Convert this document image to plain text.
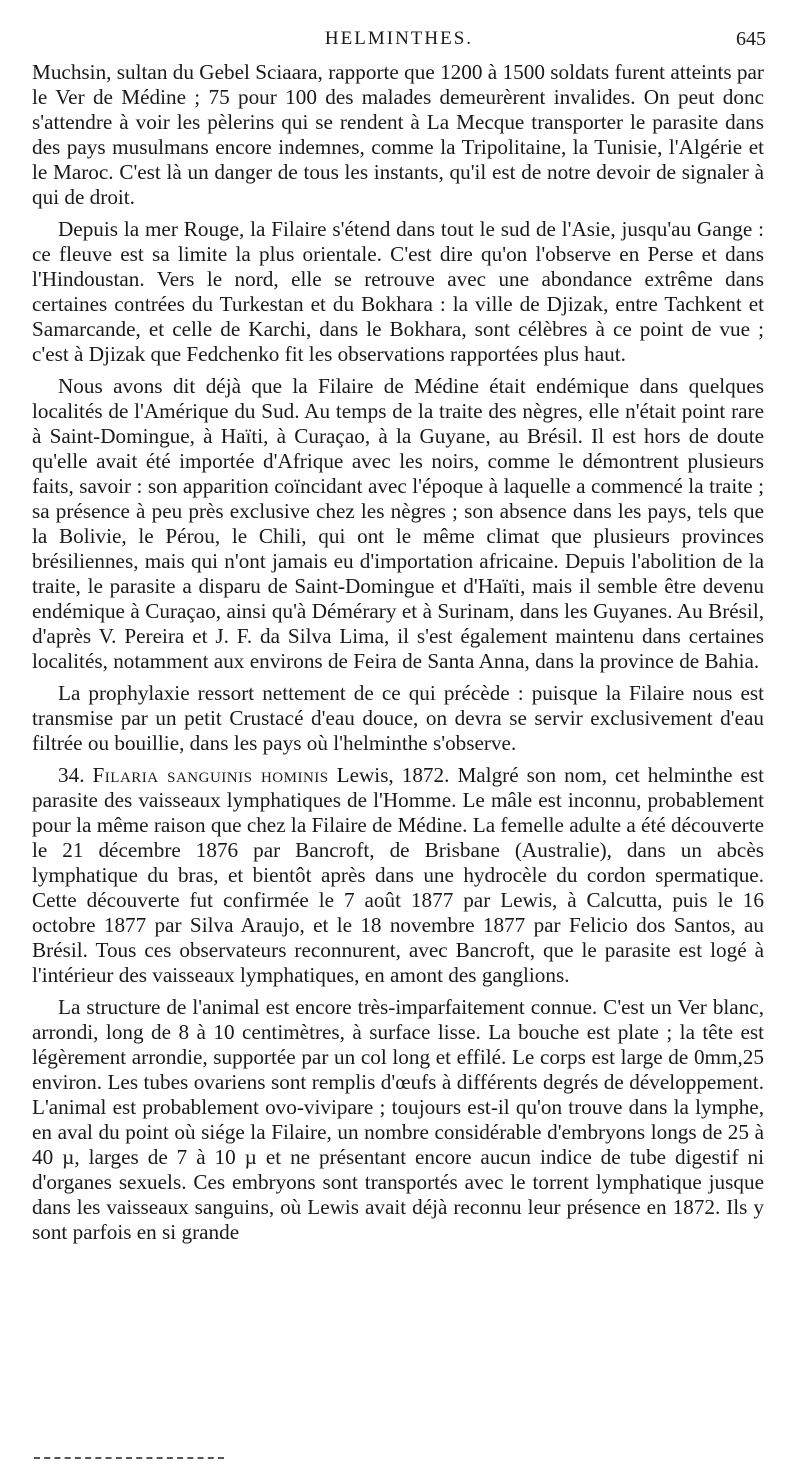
HELMINTHES.	645

Muchsin, sultan du Gebel Sciaara, rapporte que 1200 à 1500 soldats furent atteints par le Ver de Médine ; 75 pour 100 des malades demeurèrent invalides. On peut donc s'attendre à voir les pèlerins qui se rendent à La Mecque transporter le parasite dans des pays musulmans encore indemnes, comme la Tripolitaine, la Tunisie, l'Algérie et le Maroc. C'est là un danger de tous les instants, qu'il est de notre devoir de signaler à qui de droit.

Depuis la mer Rouge, la Filaire s'étend dans tout le sud de l'Asie, jusqu'au Gange : ce fleuve est sa limite la plus orientale. C'est dire qu'on l'observe en Perse et dans l'Hindoustan. Vers le nord, elle se retrouve avec une abondance extrême dans certaines contrées du Turkestan et du Bokhara : la ville de Djizak, entre Tachkent et Samarcande, et celle de Karchi, dans le Bokhara, sont célèbres à ce point de vue ; c'est à Djizak que Fedchenko fit les observations rapportées plus haut.

Nous avons dit déjà que la Filaire de Médine était endémique dans quelques localités de l'Amérique du Sud. Au temps de la traite des nègres, elle n'était point rare à Saint-Domingue, à Haïti, à Curaçao, à la Guyane, au Brésil. Il est hors de doute qu'elle avait été importée d'Afrique avec les noirs, comme le démontrent plusieurs faits, savoir : son apparition coïncidant avec l'époque à laquelle a commencé la traite ; sa présence à peu près exclusive chez les nègres ; son absence dans les pays, tels que la Bolivie, le Pérou, le Chili, qui ont le même climat que plusieurs provinces brésiliennes, mais qui n'ont jamais eu d'importation africaine. Depuis l'abolition de la traite, le parasite a disparu de Saint-Domingue et d'Haïti, mais il semble être devenu endémique à Curaçao, ainsi qu'à Démérary et à Surinam, dans les Guyanes. Au Brésil, d'après V. Pereira et J. F. da Silva Lima, il s'est également maintenu dans certaines localités, notamment aux environs de Feira de Santa Anna, dans la province de Bahia.

La prophylaxie ressort nettement de ce qui précède : puisque la Filaire nous est transmise par un petit Crustacé d'eau douce, on devra se servir exclusivement d'eau filtrée ou bouillie, dans les pays où l'helminthe s'observe.

34. Filaria sanguinis hominis Lewis, 1872. Malgré son nom, cet helminthe est parasite des vaisseaux lymphatiques de l'Homme. Le mâle est inconnu, probablement pour la même raison que chez la Filaire de Médine. La femelle adulte a été découverte le 21 décembre 1876 par Bancroft, de Brisbane (Australie), dans un abcès lymphatique du bras, et bientôt après dans une hydrocèle du cordon spermatique. Cette découverte fut confirmée le 7 août 1877 par Lewis, à Calcutta, puis le 16 octobre 1877 par Silva Araujo, et le 18 novembre 1877 par Felicio dos Santos, au Brésil. Tous ces observateurs reconnurent, avec Bancroft, que le parasite est logé à l'intérieur des vaisseaux lymphatiques, en amont des ganglions.

La structure de l'animal est encore très-imparfaitement connue. C'est un Ver blanc, arrondi, long de 8 à 10 centimètres, à surface lisse. La bouche est plate ; la tête est légèrement arrondie, supportée par un col long et effilé. Le corps est large de 0mm,25 environ. Les tubes ovariens sont remplis d'œufs à différents degrés de développement. L'animal est probablement ovo-vivipare ; toujours est-il qu'on trouve dans la lymphe, en aval du point où siége la Filaire, un nombre considérable d'embryons longs de 25 à 40 µ, larges de 7 à 10 µ et ne présentant encore aucun indice de tube digestif ni d'organes sexuels. Ces embryons sont transportés avec le torrent lymphatique jusque dans les vaisseaux sanguins, où Lewis avait déjà reconnu leur présence en 1872. Ils y sont parfois en si grande
